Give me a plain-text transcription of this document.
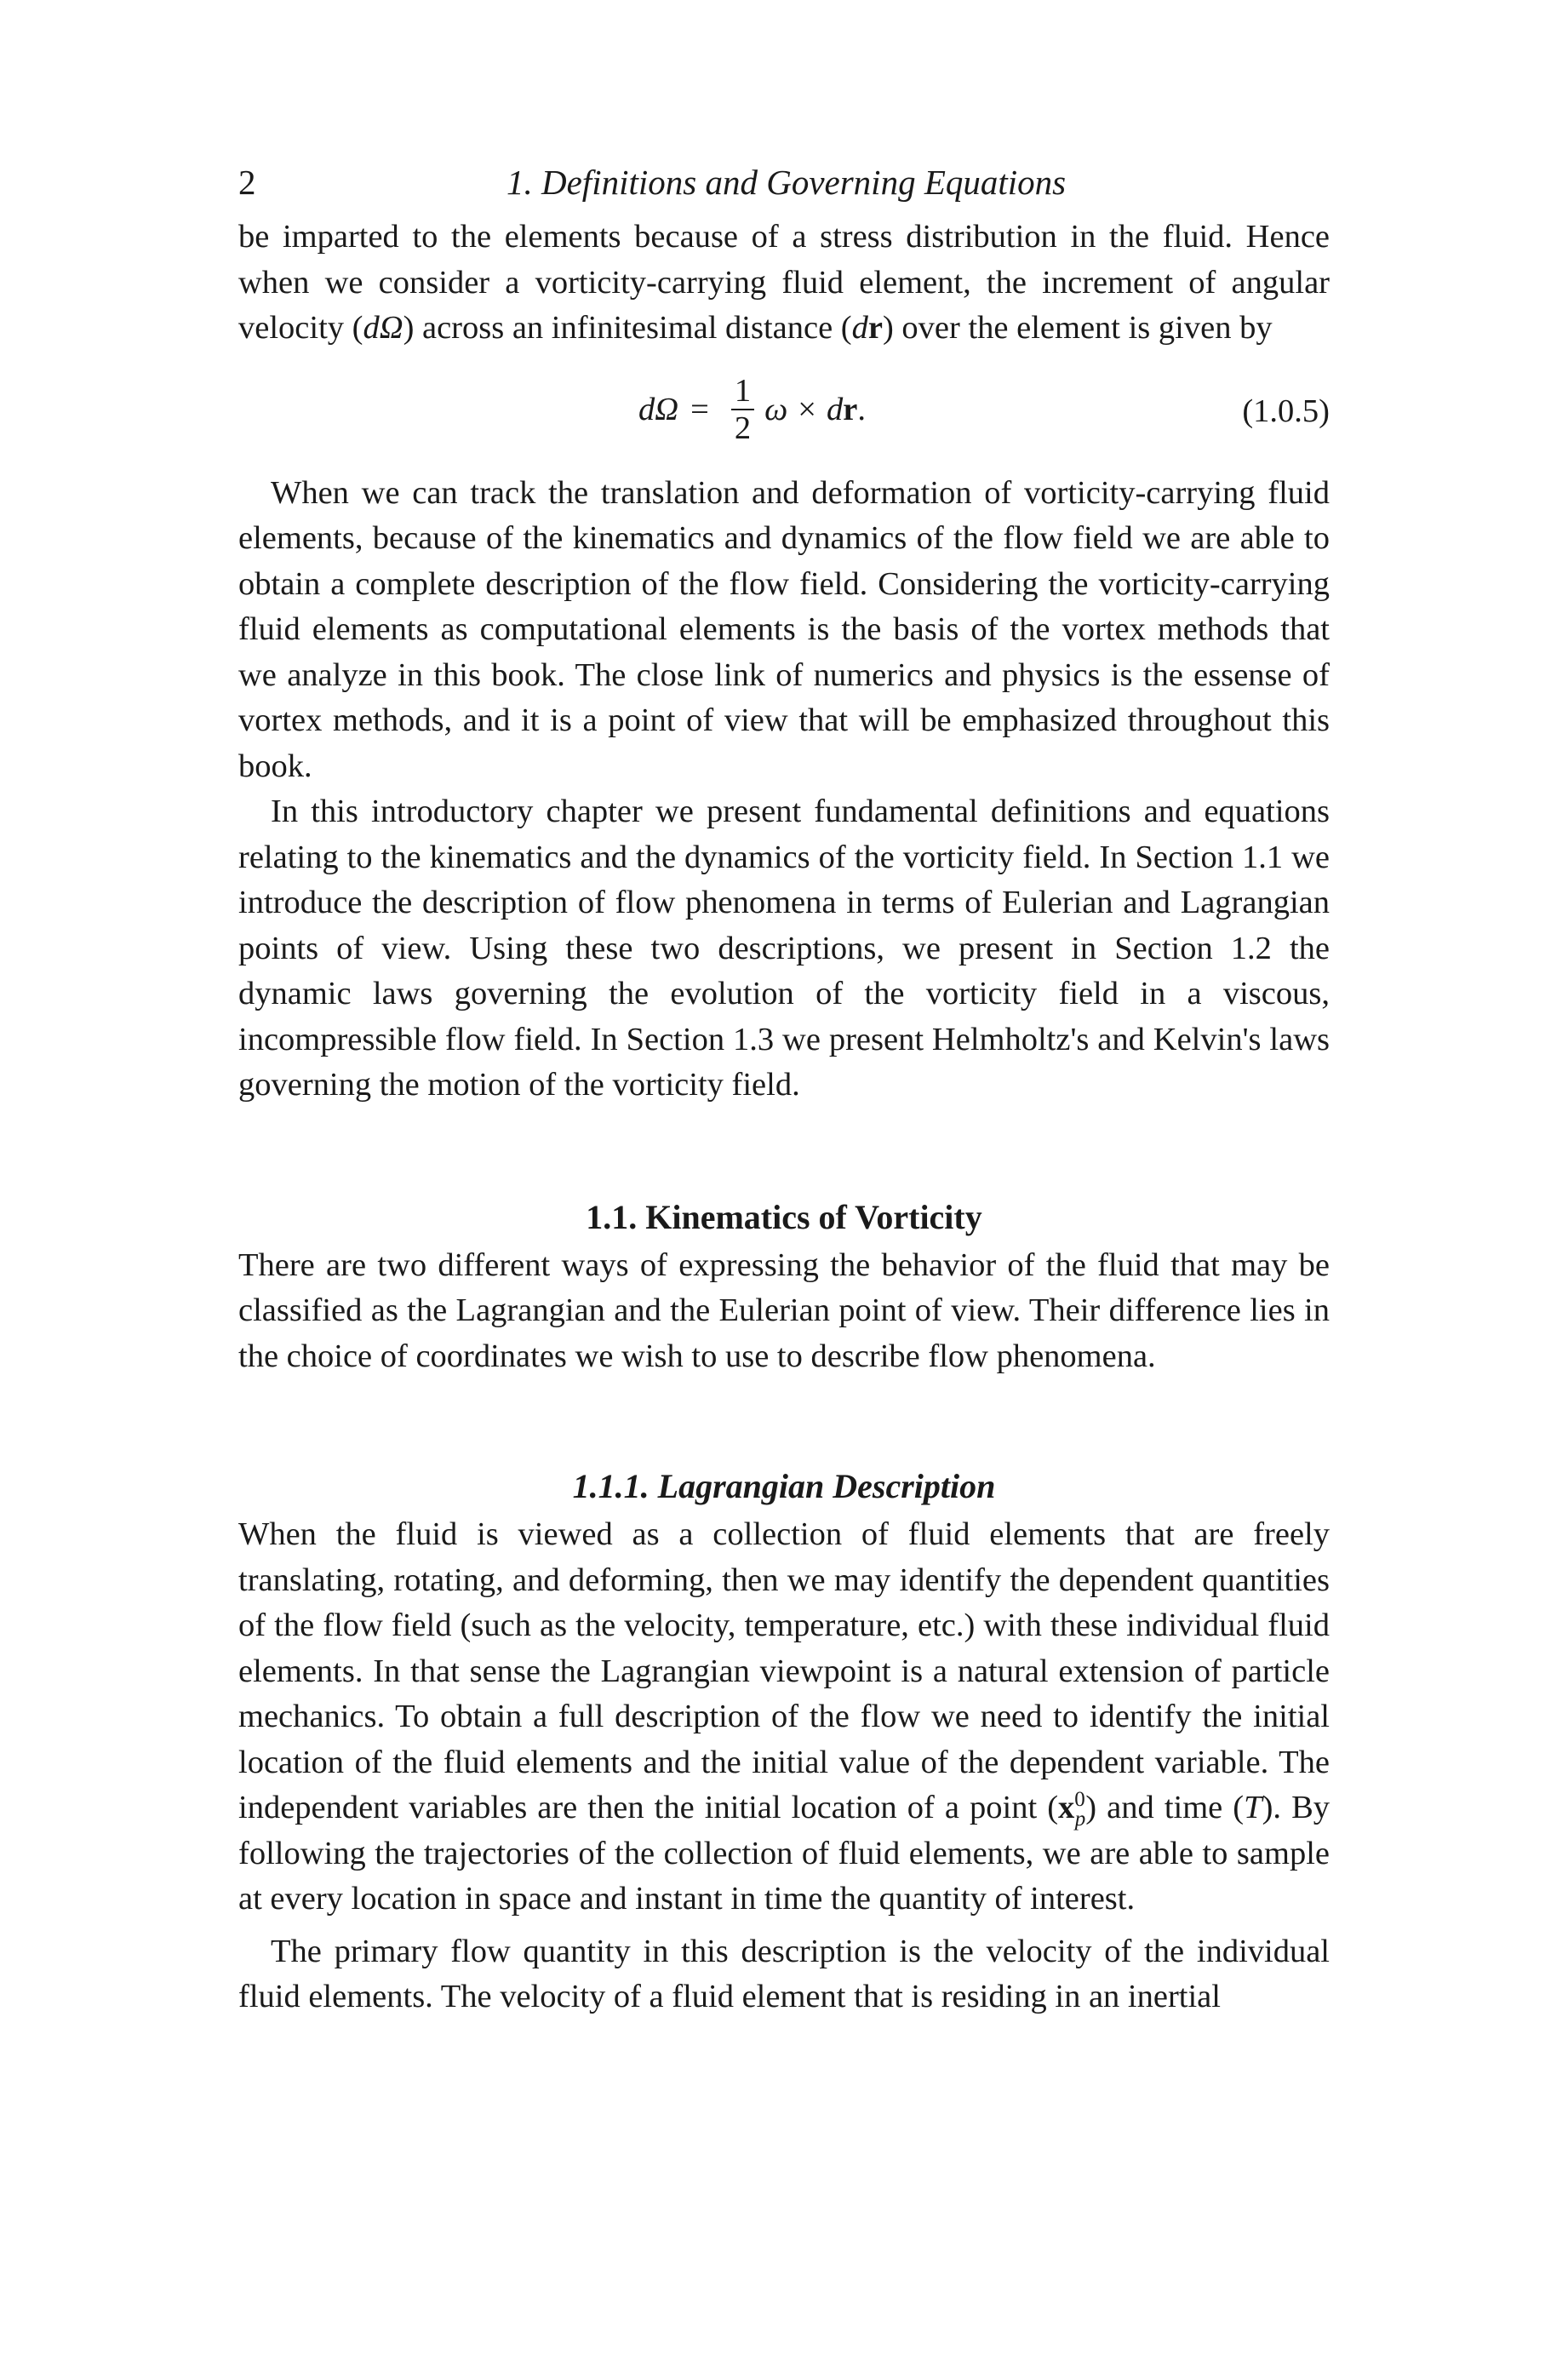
2	1. Definitions and Governing Equations

be imparted to the elements because of a stress distribution in the fluid. Hence when we consider a vorticity-carrying fluid element, the increment of angular velocity (dΩ) across an infinitesimal distance (dr) over the element is given by

$d\Omega = \frac{1}{2}$ ω × d r .	(1.0.5)

When we can track the translation and deformation of vorticity-carrying fluid elements, because of the kinematics and dynamics of the flow field we are able to obtain a complete description of the flow field. Considering the vorticity-carrying fluid elements as computational elements is the basis of the vortex methods that we analyze in this book. The close link of numerics and physics is the essense of vortex methods, and it is a point of view that will be emphasized throughout this book.

In this introductory chapter we present fundamental definitions and equations relating to the kinematics and the dynamics of the vorticity field. In Section 1.1 we introduce the description of flow phenomena in terms of Eulerian and Lagrangian points of view. Using these two descriptions, we present in Section 1.2 the dynamic laws governing the evolution of the vorticity field in a viscous, incompressible flow field. In Section 1.3 we present Helmholtz's and Kelvin's laws governing the motion of the vorticity field.

1.1. Kinematics of Vorticity

There are two different ways of expressing the behavior of the fluid that may be classified as the Lagrangian and the Eulerian point of view. Their difference lies in the choice of coordinates we wish to use to describe flow phenomena.

1.1.1. Lagrangian Description

When the fluid is viewed as a collection of fluid elements that are freely translating, rotating, and deforming, then we may identify the dependent quantities of the flow field (such as the velocity, temperature, etc.) with these individual fluid elements. In that sense the Lagrangian viewpoint is a natural extension of particle mechanics. To obtain a full description of the flow we need to identify the initial location of the fluid elements and the initial value of the dependent variable. The independent variables are then the initial location of a point $(x^0_p)$ and time (T). By following the trajectories of the collection of fluid elements, we are able to sample at every location in space and instant in time the quantity of interest.

The primary flow quantity in this description is the velocity of the individual fluid elements. The velocity of a fluid element that is residing in an inertial
